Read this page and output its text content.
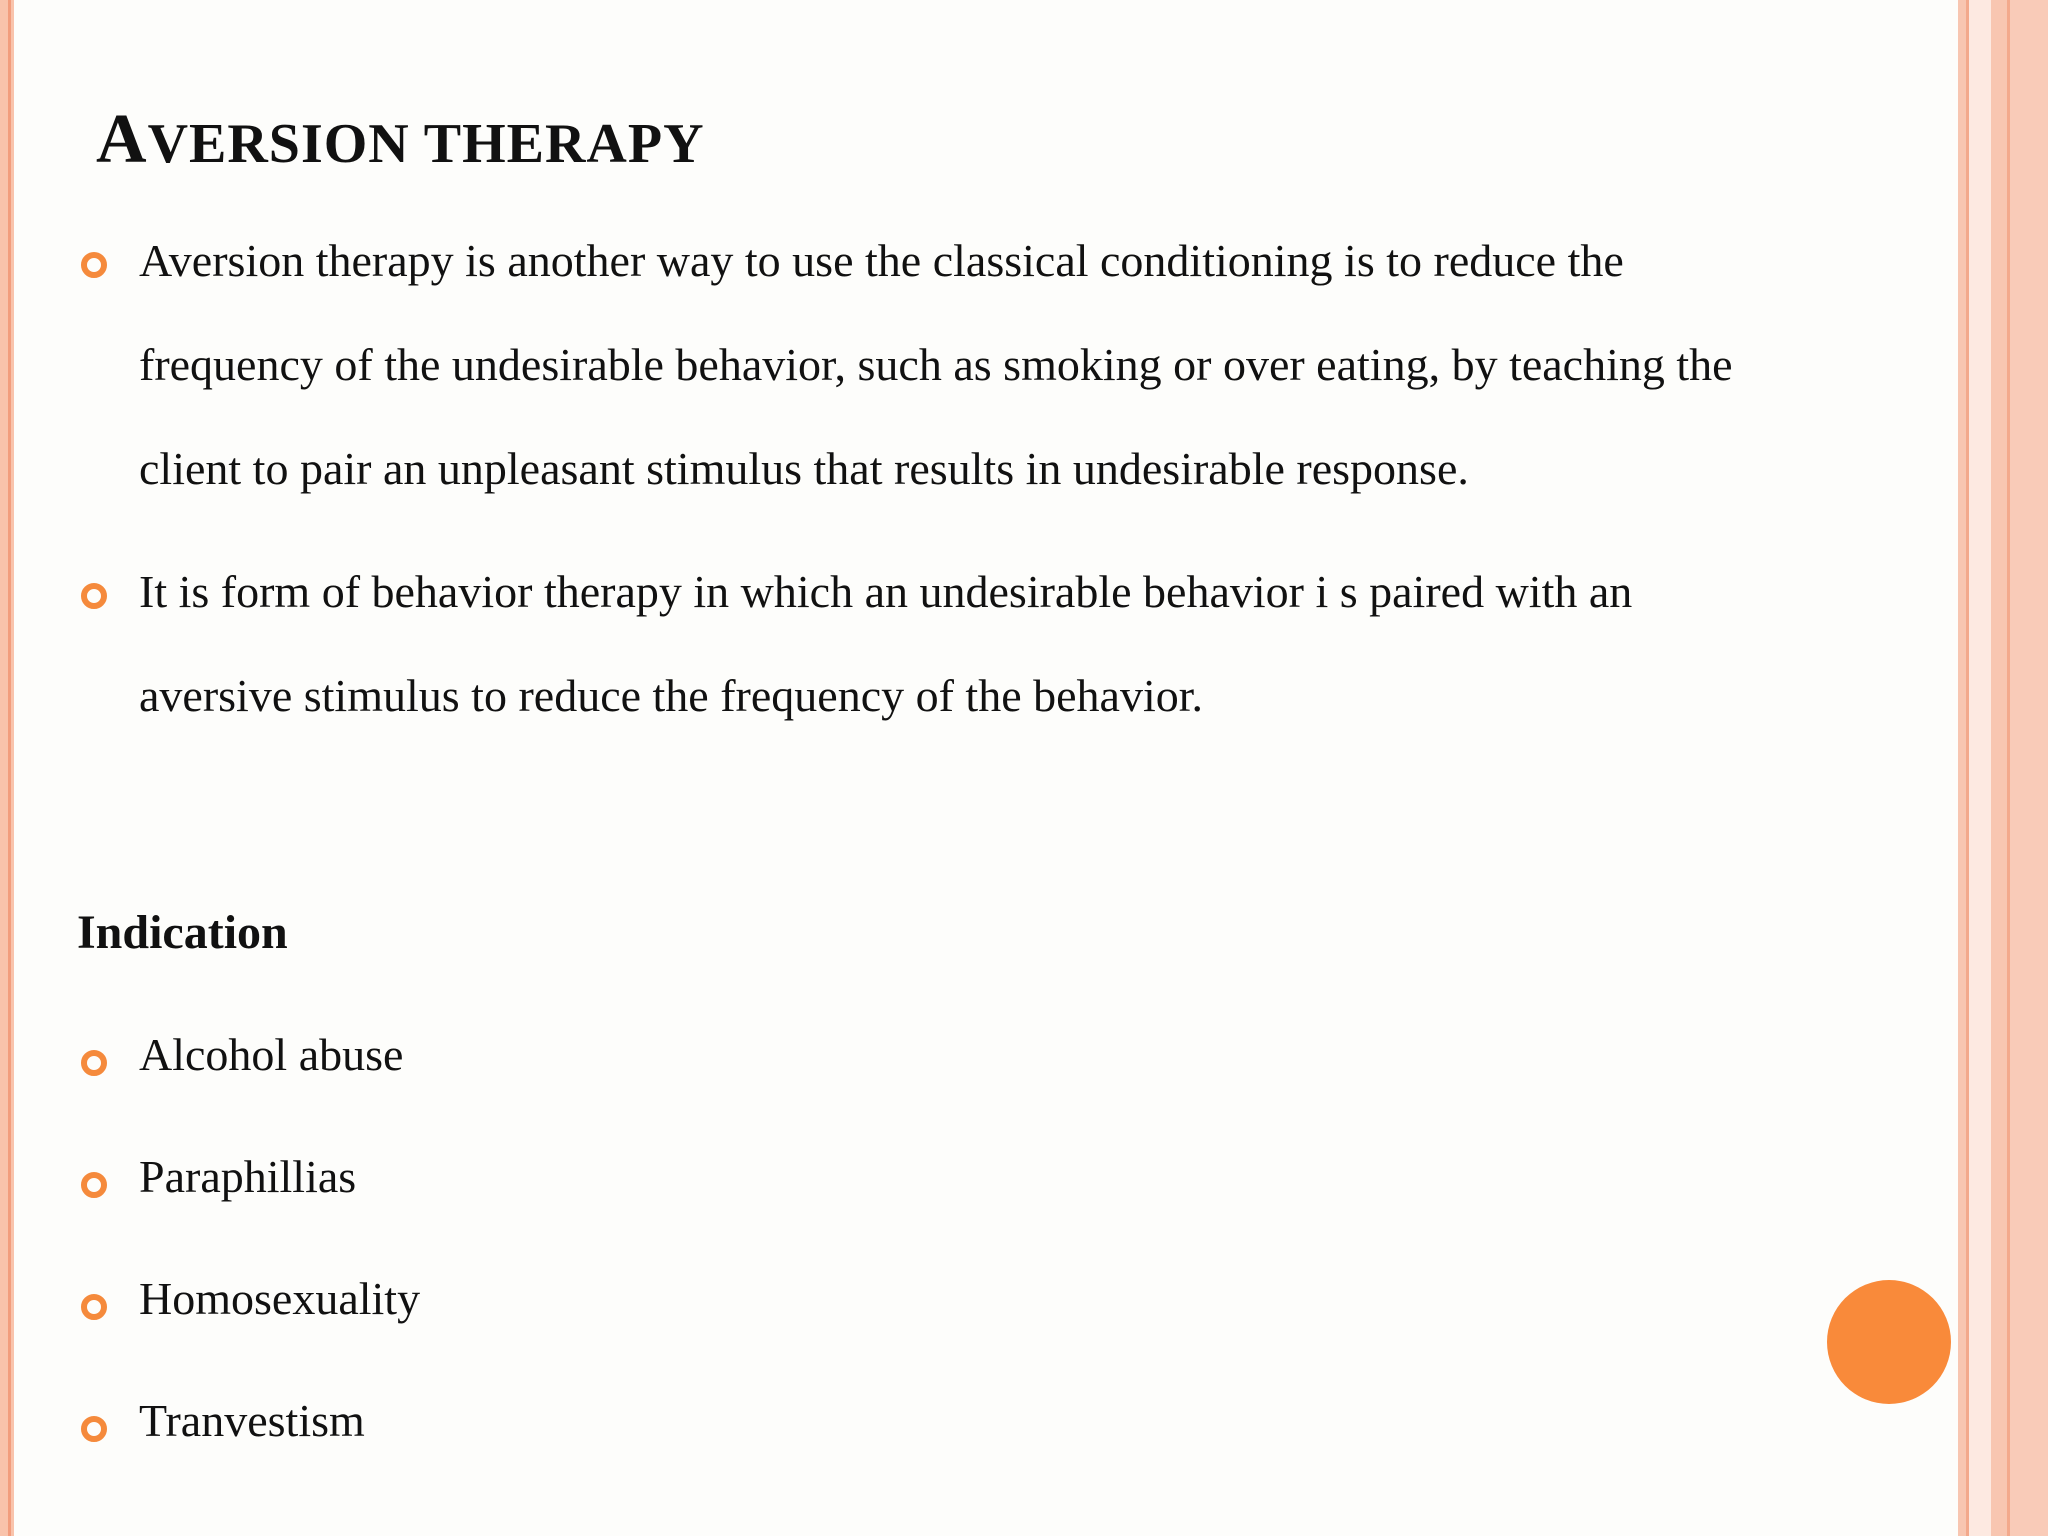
AVERSION THERAPY
Aversion therapy is another way to use the classical conditioning is to reduce the
frequency of the undesirable behavior, such as smoking or over eating, by teaching the
client to pair an unpleasant stimulus that results in undesirable response.
It is form of behavior therapy in which an undesirable behavior i s paired with an
aversive stimulus to reduce the frequency of the behavior.
Indication
Alcohol abuse
Paraphillias
Homosexuality
Tranvestism
